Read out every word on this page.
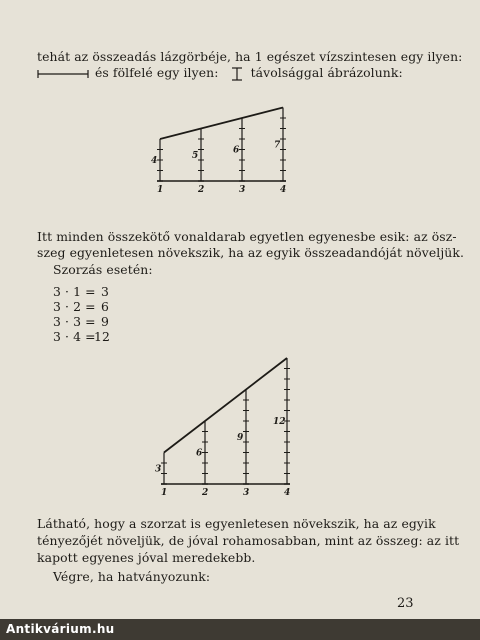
tehát az összeadás lázgörbéje, ha 1 egészet vízszintesen egy ilyen:
és fölfelé egy ilyen:	távolsággal ábrázolunk:
1
4
2
5
3
6
4
7
Itt minden összekötő vonaldarab egyetlen egyenesbe esik: az ösz-
szeg egyenletesen növekszik, ha az egyik összeadandóját növeljük.
Szorzás esetén:
3 · 1 = 3
3 · 2 = 6
3 · 3 = 9
3 · 4 =
12
1
3
2
6
3
9
4
12
Látható, hogy a szorzat is egyenletesen növekszik, ha az egyik
tényezőjét növeljük, de jóval rohamosabban, mint az összeg: az itt
kapott egyenes jóval meredekebb.
Végre, ha hatványozunk:
23
Antikvárium.hu
